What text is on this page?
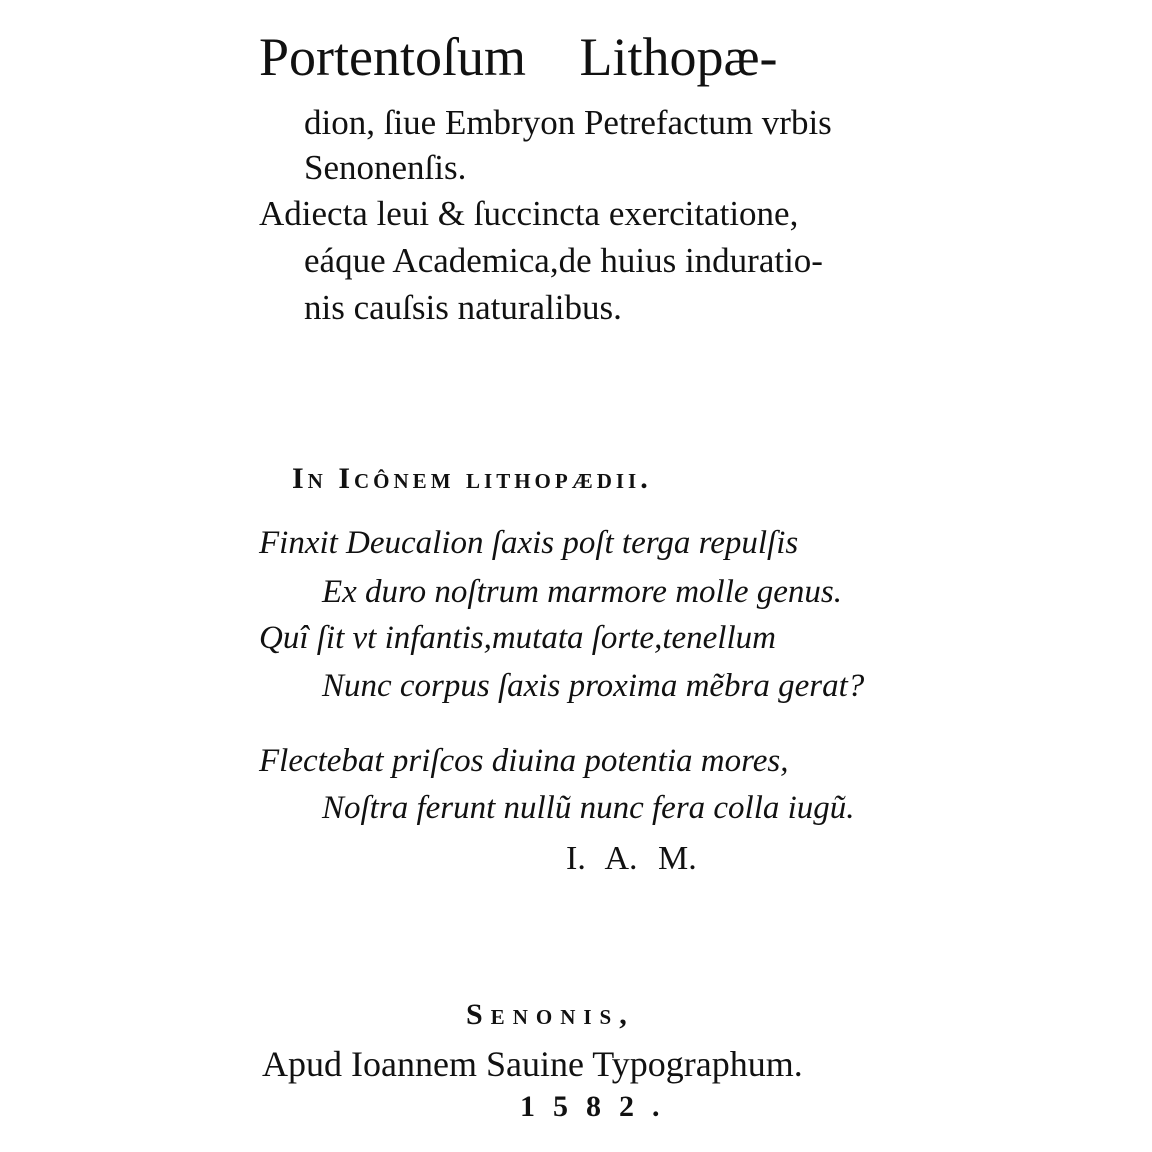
Portentoſum Lithopæ-
dion, ſiue Embryon Petrefactum vrbis
Senonenſis.
Adiecta leui & ſuccincta exercitatione,
eáque Academica,de huius induratio-
nis cauſsis naturalibus.
In Icônem lithopædii.
Finxit Deucalion ſaxis poſt terga repulſis
Ex duro noſtrum marmore molle genus.
Quî ſit vt infantis,mutata ſorte,tenellum
Nunc corpus ſaxis proxima mẽbra gerat?
Flectebat priſcos diuina potentia mores,
Noſtra ferunt nullũ nunc fera colla iugũ.
I. A. M.
Senonis,
Apud Ioannem Sauine Typographum.
1582.
